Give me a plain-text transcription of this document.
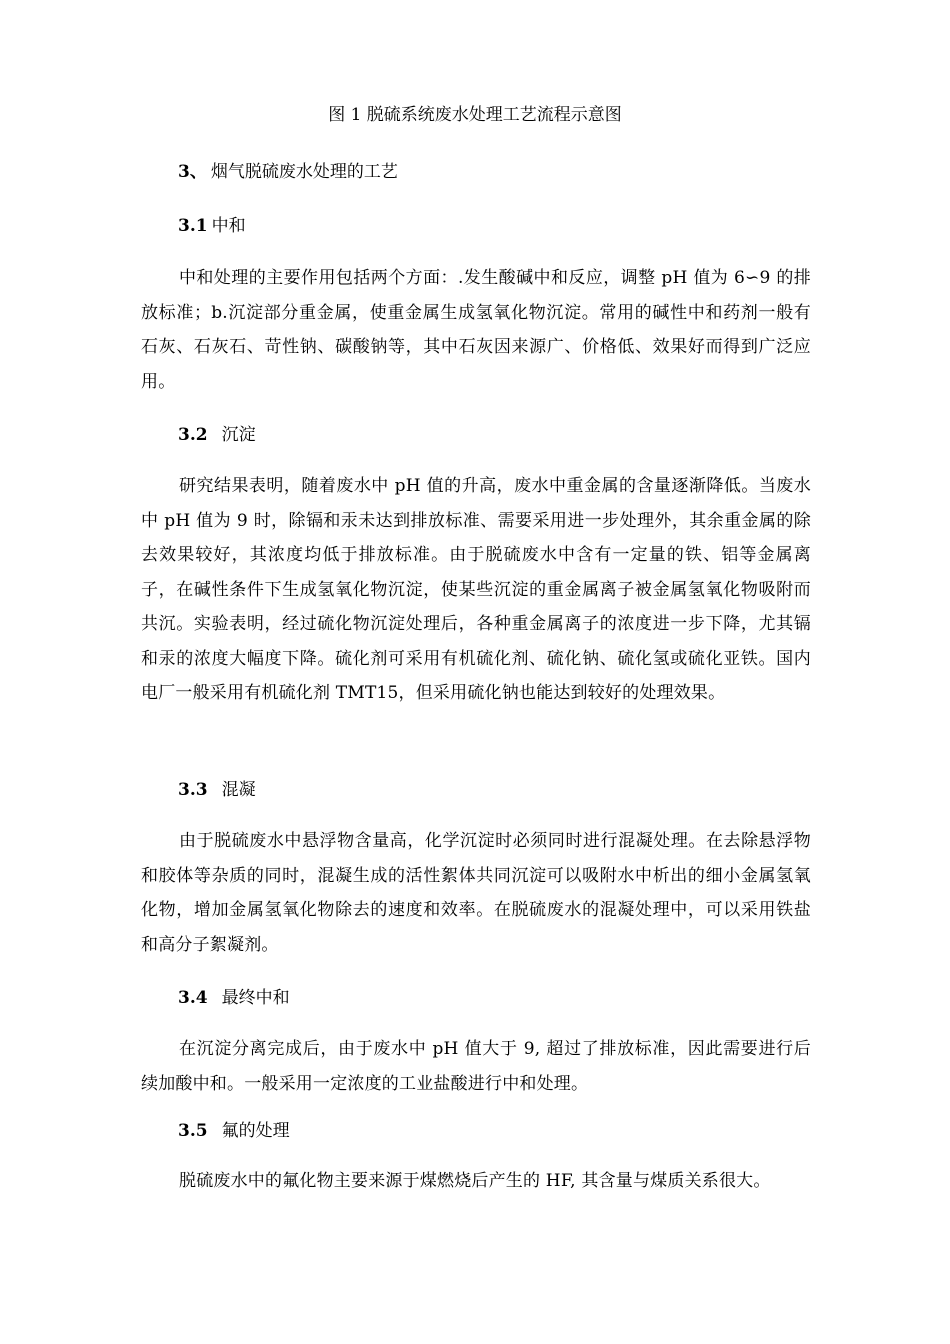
图 1 脱硫系统废水处理工艺流程示意图
3、 烟气脱硫废水处理的工艺
3.1 中和

中和处理的主要作用包括两个方面：.发生酸碱中和反应，调整 pH 值为 6∽9 的排放标准；b.沉淀部分重金属，使重金属生成氢氧化物沉淀。常用的碱性中和药剂一般有石灰、石灰石、苛性钠、碳酸钠等，其中石灰因来源广、价格低、效果好而得到广泛应用。

3.2 沉淀

研究结果表明，随着废水中 pH 值的升高，废水中重金属的含量逐渐降低。当废水中 pH 值为 9 时，除镉和汞未达到排放标准、需要采用进一步处理外，其余重金属的除去效果较好，其浓度均低于排放标准。由于脱硫废水中含有一定量的铁、铝等金属离子，在碱性条件下生成氢氧化物沉淀，使某些沉淀的重金属离子被金属氢氧化物吸附而共沉。实验表明，经过硫化物沉淀处理后，各种重金属离子的浓度进一步下降，尤其镉和汞的浓度大幅度下降。硫化剂可采用有机硫化剂、硫化钠、硫化氢或硫化亚铁。国内电厂一般采用有机硫化剂 TMT15，但采用硫化钠也能达到较好的处理效果。

3.3 混凝

由于脱硫废水中悬浮物含量高，化学沉淀时必须同时进行混凝处理。在去除悬浮物和胶体等杂质的同时，混凝生成的活性絮体共同沉淀可以吸附水中析出的细小金属氢氧化物，增加金属氢氧化物除去的速度和效率。在脱硫废水的混凝处理中，可以采用铁盐和高分子絮凝剂。

3.4 最终中和

在沉淀分离完成后，由于废水中 pH 值大于 9, 超过了排放标准，因此需要进行后续加酸中和。一般采用一定浓度的工业盐酸进行中和处理。

3.5 氟的处理

脱硫废水中的氟化物主要来源于煤燃烧后产生的 HF, 其含量与煤质关系很大。
